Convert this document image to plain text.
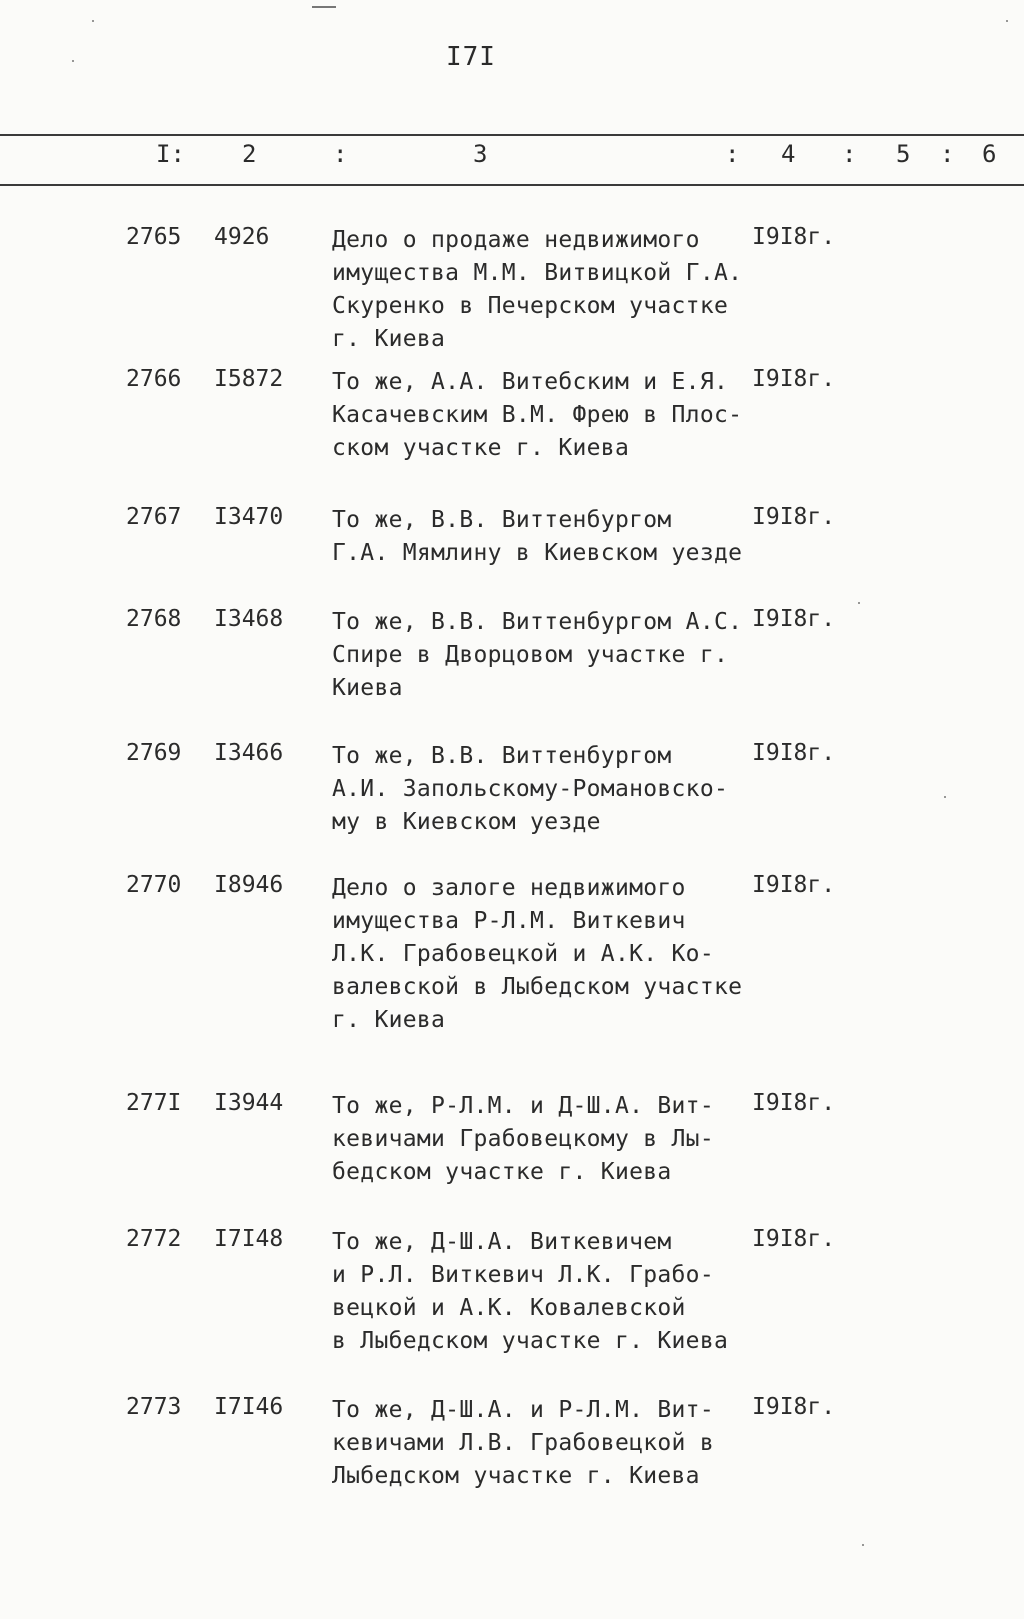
I7I
I: 2	:	3	: 4 : 5 : 6
2765 4926	Дело о продаже недвижимого
имущества М.М. Витвицкой Г.А.
Скуренко в Печерском участке
г. Киева
I9I8г.
2766 I5872 То же, А.А. Витебским и Е.Я.
Касачевским В.М. Фрею в Плос-
ском участке г. Киева
I9I8г.
2767 I3470 То же, В.В. Виттенбургом
Г.А. Мямлину в Киевском уезде
I9I8г.
2768 I3468 То же, В.В. Виттенбургом А.С.
Спире в Дворцовом участке г.
Киева
I9I8г.
2769 I3466 То же, В.В. Виттенбургом
А.И. Запольскому-Романовско-
му в Киевском уезде
I9I8г.
2770 I8946 Дело о залоге недвижимого
имущества Р-Л.М. Виткевич
Л.К. Грабовецкой и А.К. Ко-
валевской в Лыбедском участке
г. Киева
I9I8г.
277I I3944 То же, Р-Л.М. и Д-Ш.А. Вит-
кевичами Грабовецкому в Лы-
бедском участке г. Киева
I9I8г.
2772 I7I48 То же, Д-Ш.А. Виткевичем
и Р.Л. Виткевич Л.К. Грабо-
вецкой и А.К. Ковалевской
в Лыбедском участке г. Киева
I9I8г.
2773 I7I46 То же, Д-Ш.А. и Р-Л.М. Вит-
кевичами Л.В. Грабовецкой в
Лыбедском участке г. Киева
I9I8г.
